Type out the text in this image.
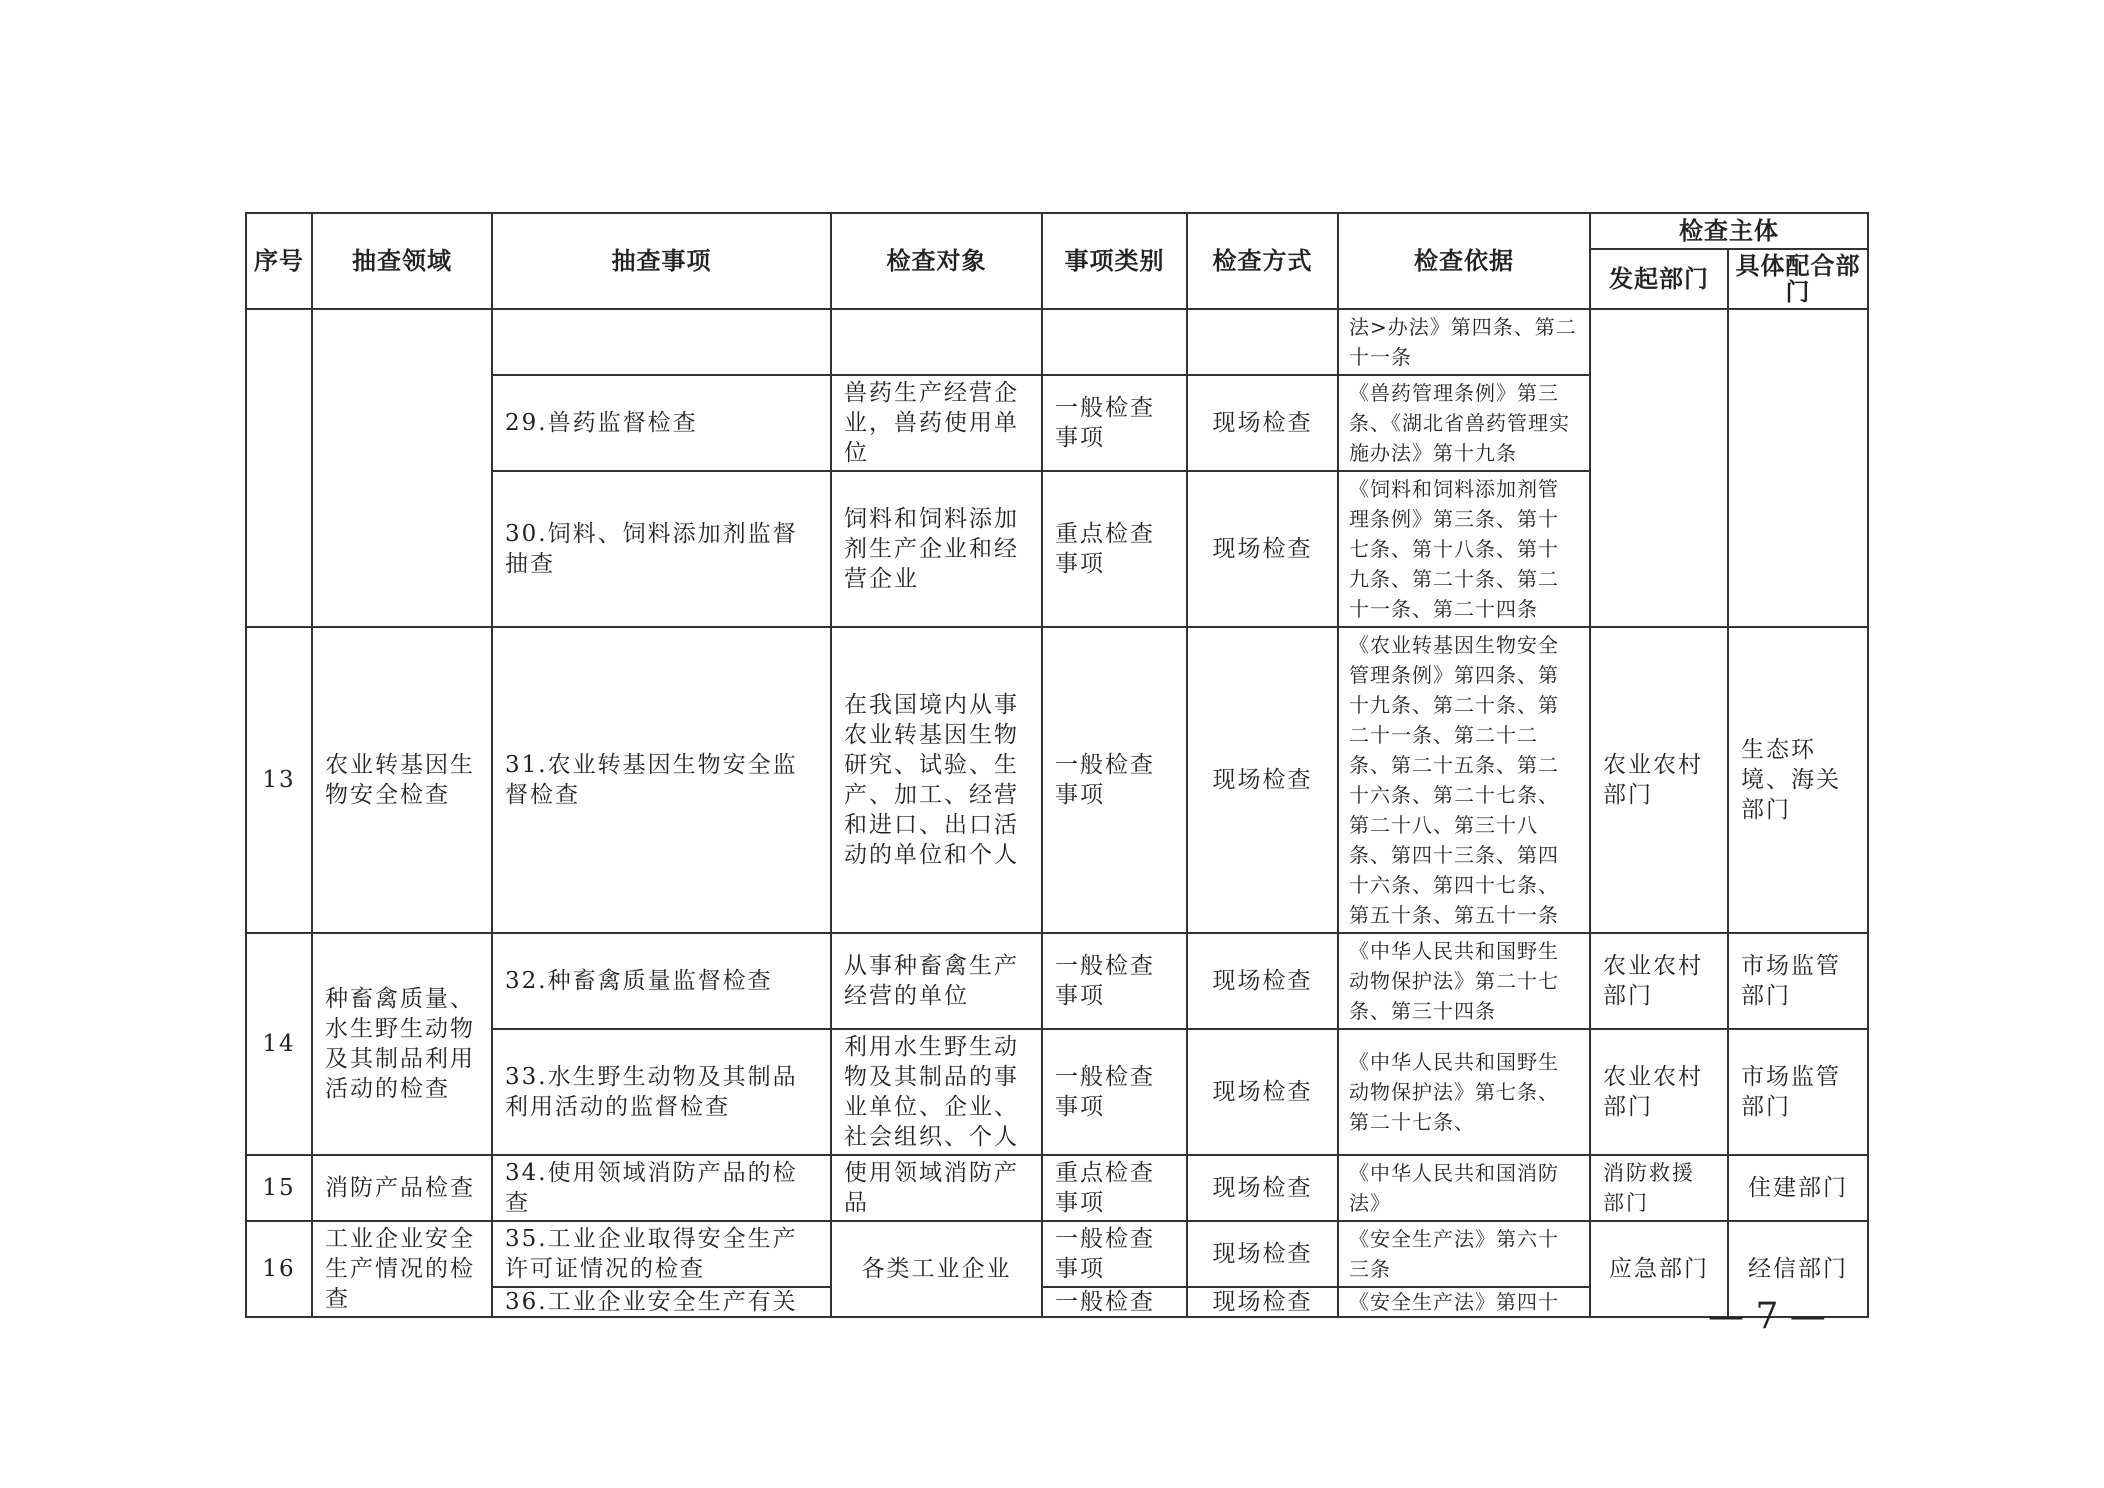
序号	抽查领域	抽查事项	检查对象	事项类别	检查方式	检查依据	检查主体	
							发起部门	具体配合部门
						法>办法》第四条、第二十一条		
		29.兽药监督检查	兽药生产经营企业，兽药使用单位	一般检查事项	现场检查	《兽药管理条例》第三条、《湖北省兽药管理实施办法》第十九条		
		30.饲料、饲料添加剂监督抽查	饲料和饲料添加剂生产企业和经营企业	重点检查事项	现场检查	《饲料和饲料添加剂管理条例》第三条、第十七条、第十八条、第十九条、第二十条、第二十一条、第二十四条		
13	农业转基因生物安全检查	31.农业转基因生物安全监督检查	在我国境内从事农业转基因生物研究、试验、生产、加工、经营和进口、出口活动的单位和个人	一般检查事项	现场检查	《农业转基因生物安全管理条例》第四条、第十九条、第二十条、第二十一条、第二十二条、第二十五条、第二十六条、第二十七条、第二十八、第三十八条、第四十三条、第四十六条、第四十七条、第五十条、第五十一条	农业农村部门	生态环境、海关部门
14	种畜禽质量、水生野生动物及其制品利用活动的检查	32.种畜禽质量监督检查	从事种畜禽生产经营的单位	一般检查事项	现场检查	《中华人民共和国野生动物保护法》第二十七条、第三十四条	农业农村部门	市场监管部门
		33.水生野生动物及其制品利用活动的监督检查	利用水生野生动物及其制品的事业单位、企业、社会组织、个人	一般检查事项	现场检查	《中华人民共和国野生动物保护法》第七条、第二十七条、	农业农村部门	市场监管部门
15	消防产品检查	34.使用领域消防产品的检查	使用领域消防产品	重点检查事项	现场检查	《中华人民共和国消防法》	消防救援部门	住建部门
16	工业企业安全生产情况的检查	35.工业企业取得安全生产许可证情况的检查	各类工业企业	一般检查事项	现场检查	《安全生产法》第六十三条	应急部门	经信部门
		36.工业企业安全生产有关		一般检查	现场检查	《安全生产法》第四十			— 7 —
